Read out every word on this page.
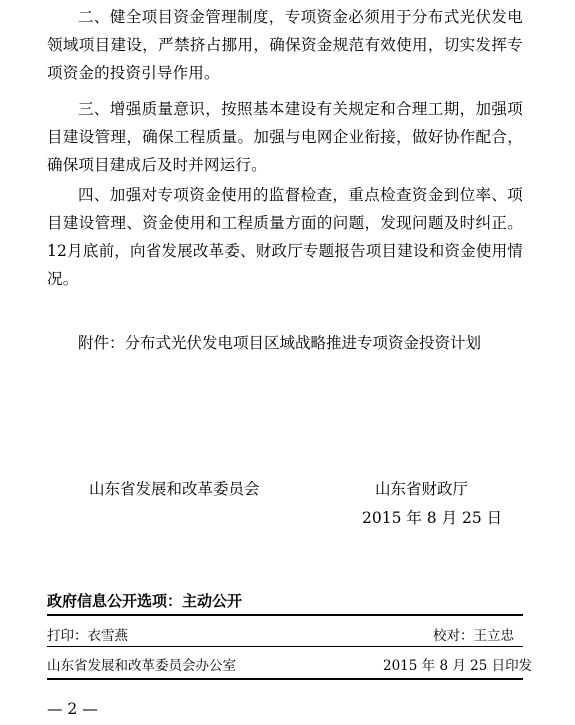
二、健全项目资金管理制度，专项资金必须用于分布式光伏发电领域项目建设，严禁挤占挪用，确保资金规范有效使用，切实发挥专项资金的投资引导作用。

三、增强质量意识，按照基本建设有关规定和合理工期，加强项目建设管理，确保工程质量。加强与电网企业衔接，做好协作配合，确保项目建成后及时并网运行。

四、加强对专项资金使用的监督检查，重点检查资金到位率、项目建设管理、资金使用和工程质量方面的问题，发现问题及时纠正。12月底前，向省发展改革委、财政厅专题报告项目建设和资金使用情况。

附件：分布式光伏发电项目区域战略推进专项资金投资计划
山东省发展和改革委员会	山东省财政厅
2015 年 8 月 25 日
政府信息公开选项：主动公开
打印：衣雪燕	校对：王立忠
山东省发展和改革委员会办公室	2015 年 8 月 25 日印发
— 2 —
